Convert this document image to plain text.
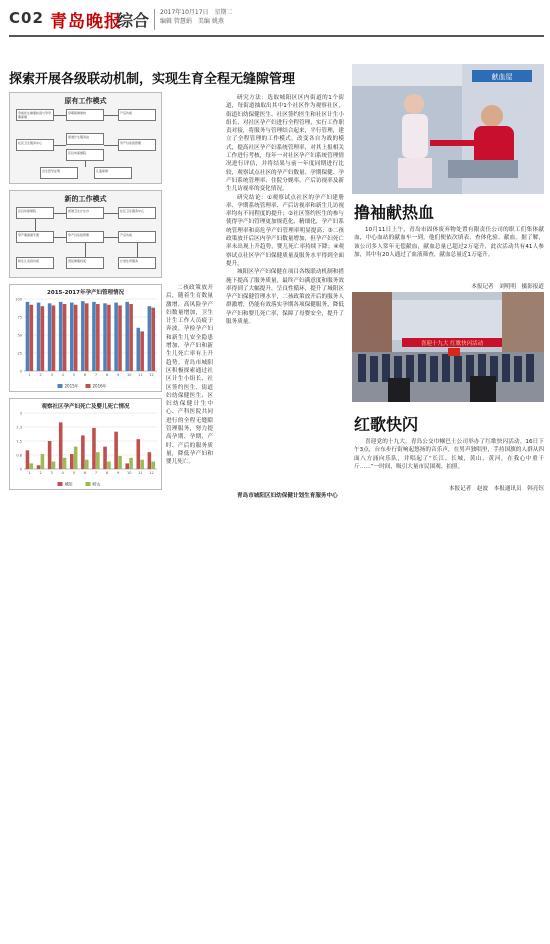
C02 青岛晚报
综合 2017年10月17日 星期二
编辑 管慧娟 美编 姚燕
探索开展各级联动机制，实现生育全程无缝隙管理
原有工作模式
孕前优生健康检查与孕早期保健
孕期保健建档	产后访视
社区卫生服务中心
街道计生服务站
区妇幼保健院
孕产妇系统管理
出生医学证明	儿童保健
新的工作模式
区妇幼保健院	街道卫生计生办	社区卫生服务中心
孕产期保健手册	孕产妇系统管理	产后访视
新生儿家庭访视	居民健康档案	计划生育服务
2015-2017年孕产妇管理情况
0
25
50
75
100
1	2	3	4	5	6	7	8	9 10 11 12
2015年	2016年
观察社区孕产妇死亡及婴儿死亡情况
0
0.8
1.5
2.3
3
1	2	3	4	5	6	7	8	9 10 11 12
城阳	崂山

二孩政策放开后，随着生育数量激增，高风险孕产妇数量增加，卫生计生工作人员疲于奔波。孕检孕产妇和新生儿安全隐患增加，孕产妇和新生儿死亡率有上升趋势。青岛市城阳区积极探索通过社区计生小组长、社区签约医生、街道妇幼保健医生、区妇幼保健计生中心、产科医院共同进行的全程无缝隙管理服务，努力提高孕期、孕期、产时、产后的服务质量，降低孕产妇和婴儿死亡。

研究方法：选取城阳区区内街道的1个街道，每街道抽取出其中1个社区作为观察社区，街道妇幼保健医生、社区签约医生和社区计生小组长，对社区孕产妇进行全程管理，实行工作职责对接，将服务与管理结合起来，平行管理，建立了全程管理的工作模式，改变各自为战的模式，提高社区孕产妇系统管理率，对其上报相关工作进行考核，每年一对社区孕产妇系统管理情况进行评估，并将结果与前一年度同期进行比较，观察试点社区的孕产妇数量、孕期保健、孕产妇系统管理率、住院分娩率、产后访视率及新生儿访视率的变化情况。

研究结论：①观察试点社区的孕产妇建册率、孕期系统管理率、产后访视率和新生儿访视率均有不同程度的提升；②社区签约医生的参与使得孕产妇管理更加规范化、精细化，孕产妇系统管理率和高危孕产妇管理率明显提高；③二孩政策放开后区内孕产妇数量增加，但孕产妇死亡率未出现上升趋势，婴儿死亡率持续下降；④观察试点社区孕产妇保健质量及服务水平得到全面提升。

城阳区孕产妇保健在项目各级联动机制和措施下提高了服务质量，最终产妇满意度和服务效率得到了大幅提升，呈良性循环，提升了城阳区孕产妇保健管理水平，二孩政策放开后的服务人群激增，仍能有效落实孕期各项保健服务，降低孕产妇和婴儿死亡率，保障了母婴安全，提升了服务质量。

青岛市城阳区妇幼保健计划生育服务中心

献血屋
撸袖献热血

10月11日上午，青岛市固体废弃物处置有限责任公司的职工们集体献血，中心血站的献血车一到，他们便依次填表、查体化验、献血。据了解，该公司多人常年无偿献血，献血总量已超过2万毫升，此次活动共有41人参加，其中有20人通过了血液筛查，献血总量近1万毫升。

本报记者　刘明明　摄影报道
喜迎十九大 红歌快闪活动
红歌快闪

喜迎党的十九大，青岛公交巾帼巴士公司举办了红歌快闪活动。16日下午3点，台东步行街响起悠扬的音乐声，在男声独唱里，手持国旗的人群从四面八方涌向乐队，并唱起了“长江、长城，黄山、黄河，在我心中重千斤……”一时间，吸引大量市民围观、拍照。

本报记者　赵波　本报通讯员　韩亮钰
